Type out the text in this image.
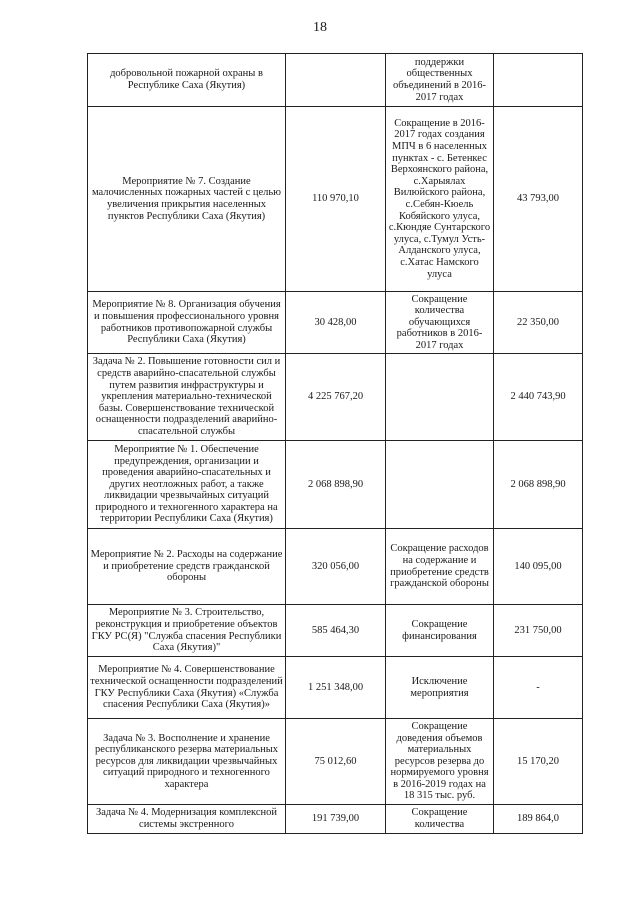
18
добровольной пожарной охраны в Республике Саха (Якутия)		поддержки общественных объединений в 2016-2017 годах	
Мероприятие № 7. Создание малочисленных пожарных частей с целью увеличения прикрытия населенных пунктов Республики Саха (Якутия)	110 970,10	Сокращение в 2016-2017 годах создания МПЧ в 6 населенных пунктах - с. Бетенкес Верхоянского района, с.Харыялах Вилюйского района, с.Себян-Кюель Кобяйского улуса, с.Кюндяе Сунтарского улуса, с.Тумул Усть-Алданского улуса, с.Хатас Намского улуса	43 793,00
Мероприятие № 8. Организация обучения и повышения профессионального уровня работников противопожарной службы Республики Саха (Якутия)	30 428,00	Сокращение количества обучающихся работников в 2016-2017 годах	22 350,00
Задача № 2. Повышение готовности сил и средств аварийно-спасательной службы путем развития инфраструктуры и укрепления материально-технической базы. Совершенствование технической оснащенности подразделений аварийно-спасательной службы	4 225 767,20		2 440 743,90
Мероприятие № 1. Обеспечение предупреждения, организации и проведения аварийно-спасательных и других неотложных работ, а также ликвидации чрезвычайных ситуаций природного и техногенного характера на территории Республики Саха (Якутия)	2 068 898,90		2 068 898,90
Мероприятие № 2. Расходы на содержание и приобретение средств гражданской обороны	320 056,00	Сокращение расходов на содержание и приобретение средств гражданской обороны	140 095,00
Мероприятие № 3. Строительство, реконструкция и приобретение объектов ГКУ РС(Я) "Служба спасения Республики Саха (Якутия)"	585 464,30	Сокращение финансирования	231 750,00
Мероприятие № 4. Совершенствование технической оснащенности подразделений ГКУ Республики Саха (Якутия) «Служба спасения Республики Саха (Якутия)»	1 251 348,00	Исключение мероприятия	-
Задача № 3. Восполнение и хранение республиканского резерва материальных ресурсов для ликвидации чрезвычайных ситуаций природного и техногенного характера	75 012,60	Сокращение доведения объемов материальных ресурсов резерва до нормируемого уровня в 2016-2019 годах на 18 315 тыс. руб.	15 170,20
Задача № 4. Модернизация комплексной системы экстренного	191 739,00	Сокращение количества	189 864,0
